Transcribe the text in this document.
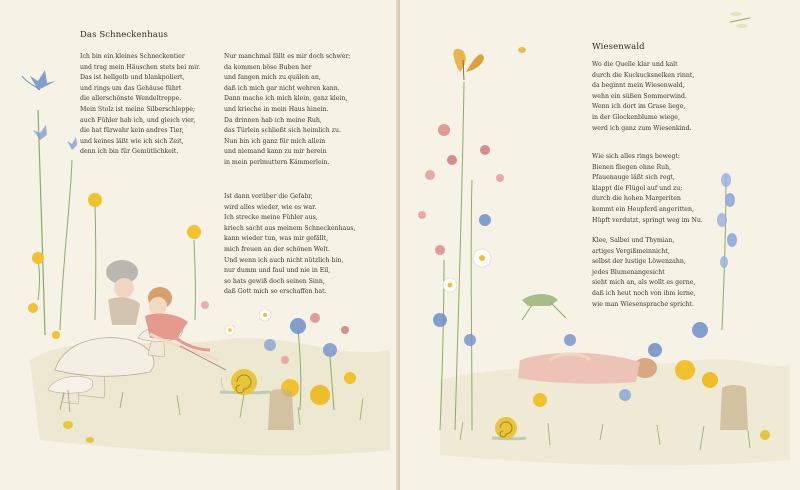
Das Schneckenhaus

Ich bin ein kleines Schneckentier
und trag mein Häuschen stets bei mir.
Das ist hellgelb und blankpoliert,
und rings um das Gehäuse führt
die allerschönste Wendeltreppe.
Mein Stolz ist meine Silberschleppe;
auch Fühler hab ich, und gleich vier,
die hat fürwahr kein andres Tier,
und keines läßt wie ich sich Zeit,
denn ich bin für Gemütlichkeit.

Nur manchmal fällt es mir doch schwer;
da kommen böse Buben her
und fangen mich zu quälen an,
daß ich mich gar nicht wehren kann.
Dann mache ich mich klein, ganz klein,
und krieche in mein Haus hinein.
Da drinnen hab ich meine Ruh,
das Türlein schließt sich heimlich zu.
Nun bin ich ganz für mich allein
und niemand kann zu mir herein
in mein perlmuttern Kämmerlein.

Ist dann vorüber die Gefahr,
wird alles wieder, wie es war.
Ich strecke meine Fühler aus,
kriech sacht aus meinem Schneckenhaus,
kann wieder tun, was mir gefällt,
mich freuen an der schönen Welt.
Und wenn ich auch nicht nützlich bin,
nur dumm und faul und nie in Eil,
so hats gewiß doch seinen Sinn,
daß Gott mich so erschaffen hat.

Wiesenwald

Wo die Quelle klar und kalt
durch die Kuckucksnelken rinnt,
da beginnt mein Wiesenwald,
wehn ein süßen Sommerwind.
Wenn ich dort im Grase liege,
in der Glockenblume wiege,
werd ich ganz zum Wiesenkind.

Wie sich alles rings bewegt:
Bienen fliegen ohne Ruh,
Pfauenauge läßt sich regt,
klappt die Flügel auf und zu;
durch die hohen Margeriten
kommt ein Heupferd angeritten,
Hüpft verdutzt, springt weg im Nu.

Klee, Salbei und Thymian,
artiges Vergißmeinnicht,
selbst der lustige Löwenzahn,
jedes Blumenangesicht
sieht mich an, als wollt es gerne,
daß ich heut noch von ihm lerne,
wie man Wiesensprache spricht.
